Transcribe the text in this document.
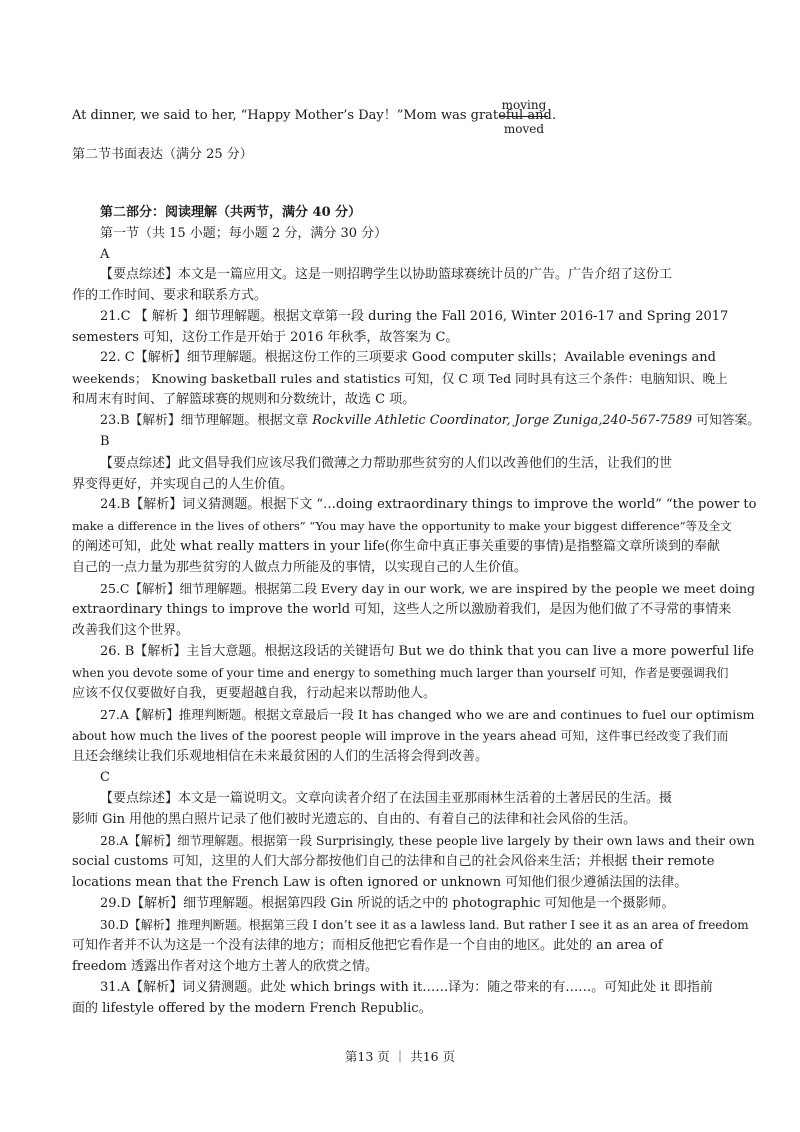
At dinner, we said to her, “Happy Mother’s Day！”Mom was grateful and
moving
moved
.
第二节书面表达（满分 25 分）
第二部分：阅读理解（共两节，满分 40 分）
第一节（共 15 小题；每小题 2 分，满分 30 分）
A
【要点综述】本文是一篇应用文。这是一则招聘学生以协助篮球赛统计员的广告。广告介绍了这份工
作的工作时间、要求和联系方式。
21.C 【 解析 】细节理解题。根据文章第一段 during the Fall 2016, Winter 2016-17 and Spring 2017
semesters 可知，这份工作是开始于 2016 年秋季，故答案为 C。
22. C【解析】细节理解题。根据这份工作的三项要求 Good computer skills；Available evenings and
weekends； Knowing basketball rules and statistics 可知，仅 C 项 Ted 同时具有这三个条件：电脑知识、晚上
和周末有时间、了解篮球赛的规则和分数统计，故选 C 项。
23.B【解析】细节理解题。根据文章 Rockville Athletic Coordinator, Jorge Zuniga,240-567-7589 可知答案。
B
【要点综述】此文倡导我们应该尽我们微薄之力帮助那些贫穷的人们以改善他们的生活，让我们的世
界变得更好，并实现自己的人生价值。
24.B【解析】词义猜测题。根据下文 “…doing extraordinary things to improve the world” “the power to
make a difference in the lives of others” “You may have the opportunity to make your biggest difference”等及全文
的阐述可知，此处 what really matters in your life(你生命中真正事关重要的事情)是指整篇文章所谈到的奉献
自己的一点力量为那些贫穷的人做点力所能及的事情，以实现自己的人生价值。
25.C【解析】细节理解题。根据第二段 Every day in our work, we are inspired by the people we meet doing
extraordinary things to improve the world 可知，这些人之所以激励着我们，是因为他们做了不寻常的事情来
改善我们这个世界。
26. B【解析】主旨大意题。根据这段话的关键语句 But we do think that you can live a more powerful life
when you devote some of your time and energy to something much larger than yourself 可知，作者是要强调我们
应该不仅仅要做好自我，更要超越自我，行动起来以帮助他人。
27.A【解析】推理判断题。根据文章最后一段 It has changed who we are and continues to fuel our optimism
about how much the lives of the poorest people will improve in the years ahead 可知，这件事已经改变了我们而
且还会继续让我们乐观地相信在未来最贫困的人们的生活将会得到改善。
C
【要点综述】本文是一篇说明文。文章向读者介绍了在法国圭亚那雨林生活着的土著居民的生活。摄
影师 Gin 用他的黑白照片记录了他们被时光遗忘的、自由的、有着自己的法律和社会风俗的生活。
28.A【解析】细节理解题。根据第一段 Surprisingly, these people live largely by their own laws and their own
social customs 可知，这里的人们大部分都按他们自己的法律和自己的社会风俗来生活；并根据 their remote
locations mean that the French Law is often ignored or unknown 可知他们很少遵循法国的法律。
29.D【解析】细节理解题。根据第四段 Gin 所说的话之中的 photographic 可知他是一个摄影师。
30.D【解析】推理判断题。根据第三段 I don’t see it as a lawless land. But rather I see it as an area of freedom
可知作者并不认为这是一个没有法律的地方；而相反他把它看作是一个自由的地区。此处的 an area of
freedom 透露出作者对这个地方土著人的欣赏之情。
31.A【解析】词义猜测题。此处 which brings with it……译为：随之带来的有……。可知此处 it 即指前
面的 lifestyle offered by the modern French Republic。
第13 页 ｜ 共16 页
